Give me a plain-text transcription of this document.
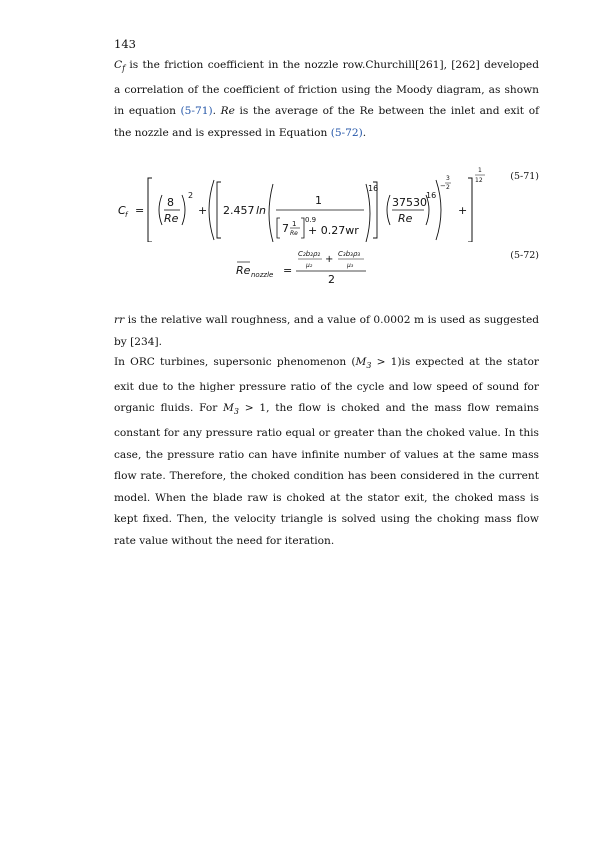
143

$C_f$ is the friction coefficient in the nozzle row.Churchill[261], [262] developed a correlation of the coefficient of friction using the Moody diagram, as shown in equation (5-71). Re is the average of the Re between the inlet and exit of the nozzle and is expressed in Equation (5-72).

(5-71)
C f =
8
Re
2
+ 2.457 ln
1
7 1
Re
0.9
+ 0.27wr
16
37530
Re
16
3
− 2
+
1
12
(5-72)
Re nozzle =
C₂b₂ρ₂
μ₂
+ C₃b₃ρ₃
μ₃
2

rr is the relative wall roughness, and a value of 0.0002 m is used as suggested by [234].

In ORC turbines, supersonic phenomenon $(M_3 > 1)is$ expected at the stator exit due to the higher pressure ratio of the cycle and low speed of sound for organic fluids. For $M_3 > 1$, the flow is choked and the mass flow remains constant for any pressure ratio equal or greater than the choked value. In this case, the pressure ratio can have infinite number of values at the same mass flow rate. Therefore, the choked condition has been considered in the current model. When the blade raw is choked at the stator exit, the choked mass is kept fixed. Then, the velocity triangle is solved using the choking mass flow rate value without the need for iteration.
